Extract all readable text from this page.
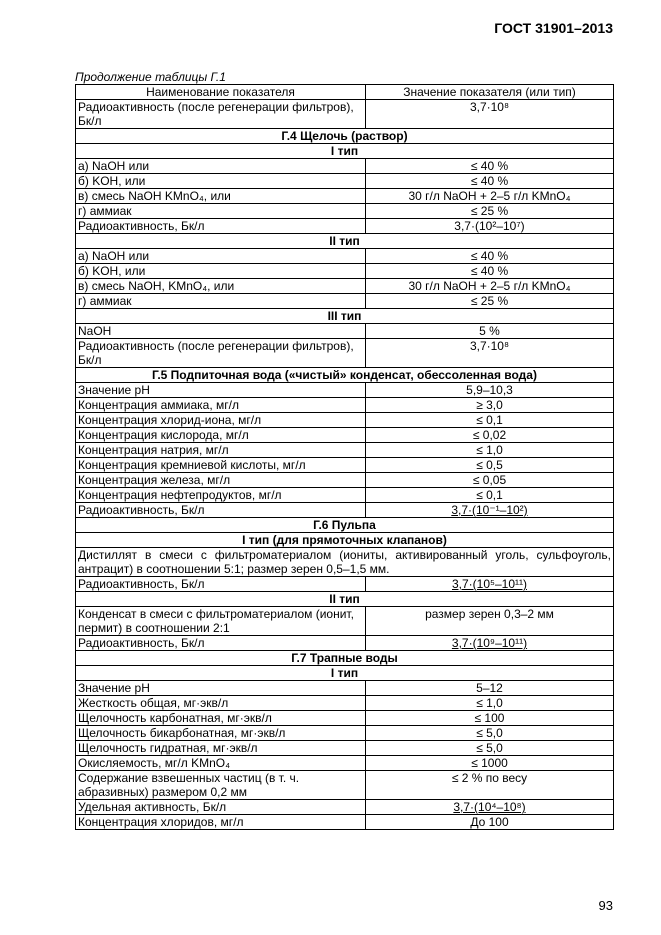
ГОСТ 31901–2013
Продолжение таблицы Г.1
Наименование показателя	Значение показателя (или тип)
Радиоактивность (после регенерации фильтров), Бк/л	3,7·10⁸
Г.4 Щелочь (раствор)	
I тип	
а) NaOH или	≤ 40 %
б) KOH, или	≤ 40 %
в) смесь NaOH KMnO₄, или	30 г/л NaOH + 2–5 г/л KMnO₄
г) аммиак	≤ 25 %
Радиоактивность, Бк/л	3,7·(10²–10⁷)
II тип	
а) NaOH или	≤ 40 %
б) KOH, или	≤ 40 %
в) смесь NaOH, KMnO₄, или	30 г/л NaOH + 2–5 г/л KMnO₄
г) аммиак	≤ 25 %
III тип	
NaOH	5 %
Радиоактивность (после регенерации фильтров), Бк/л	3,7·10⁸
Г.5 Подпиточная вода («чистый» конденсат, обессоленная вода)	
Значение pH	5,9–10,3
Концентрация аммиака, мг/л	≥ 3,0
Концентрация хлорид-иона, мг/л	≤ 0,1
Концентрация кислорода, мг/л	≤ 0,02
Концентрация натрия, мг/л	≤ 1,0
Концентрация кремниевой кислоты, мг/л	≤ 0,5
Концентрация железа, мг/л	≤ 0,05
Концентрация нефтепродуктов, мг/л	≤ 0,1
Радиоактивность, Бк/л	3,7·(10⁻¹–10²)
Г.6 Пульпа	
I тип (для прямоточных клапанов)	
Дистиллят в смеси с фильтроматериалом (иониты, активированный уголь, сульфоуголь, антрацит) в соотношении 5:1; размер зерен 0,5–1,5 мм.	
Радиоактивность, Бк/л	3,7·(10⁵–10¹¹)
II тип	
Конденсат в смеси с фильтроматериалом (ионит, пермит) в соотношении 2:1	размер зерен 0,3–2 мм
Радиоактивность, Бк/л	3,7·(10⁹–10¹¹)
Г.7 Трапные воды	
I тип	
Значение pH	5–12
Жесткость общая, мг·экв/л	≤ 1,0
Щелочность карбонатная, мг·экв/л	≤ 100
Щелочность бикарбонатная, мг·экв/л	≤ 5,0
Щелочность гидратная, мг·экв/л	≤ 5,0
Окисляемость, мг/л KMnO₄	≤ 1000
Содержание взвешенных частиц (в т. ч. абразивных) размером 0,2 мм	≤ 2 % по весу
Удельная активность, Бк/л	3,7·(10⁴–10⁸)
Концентрация хлоридов, мг/л	До 100
93
